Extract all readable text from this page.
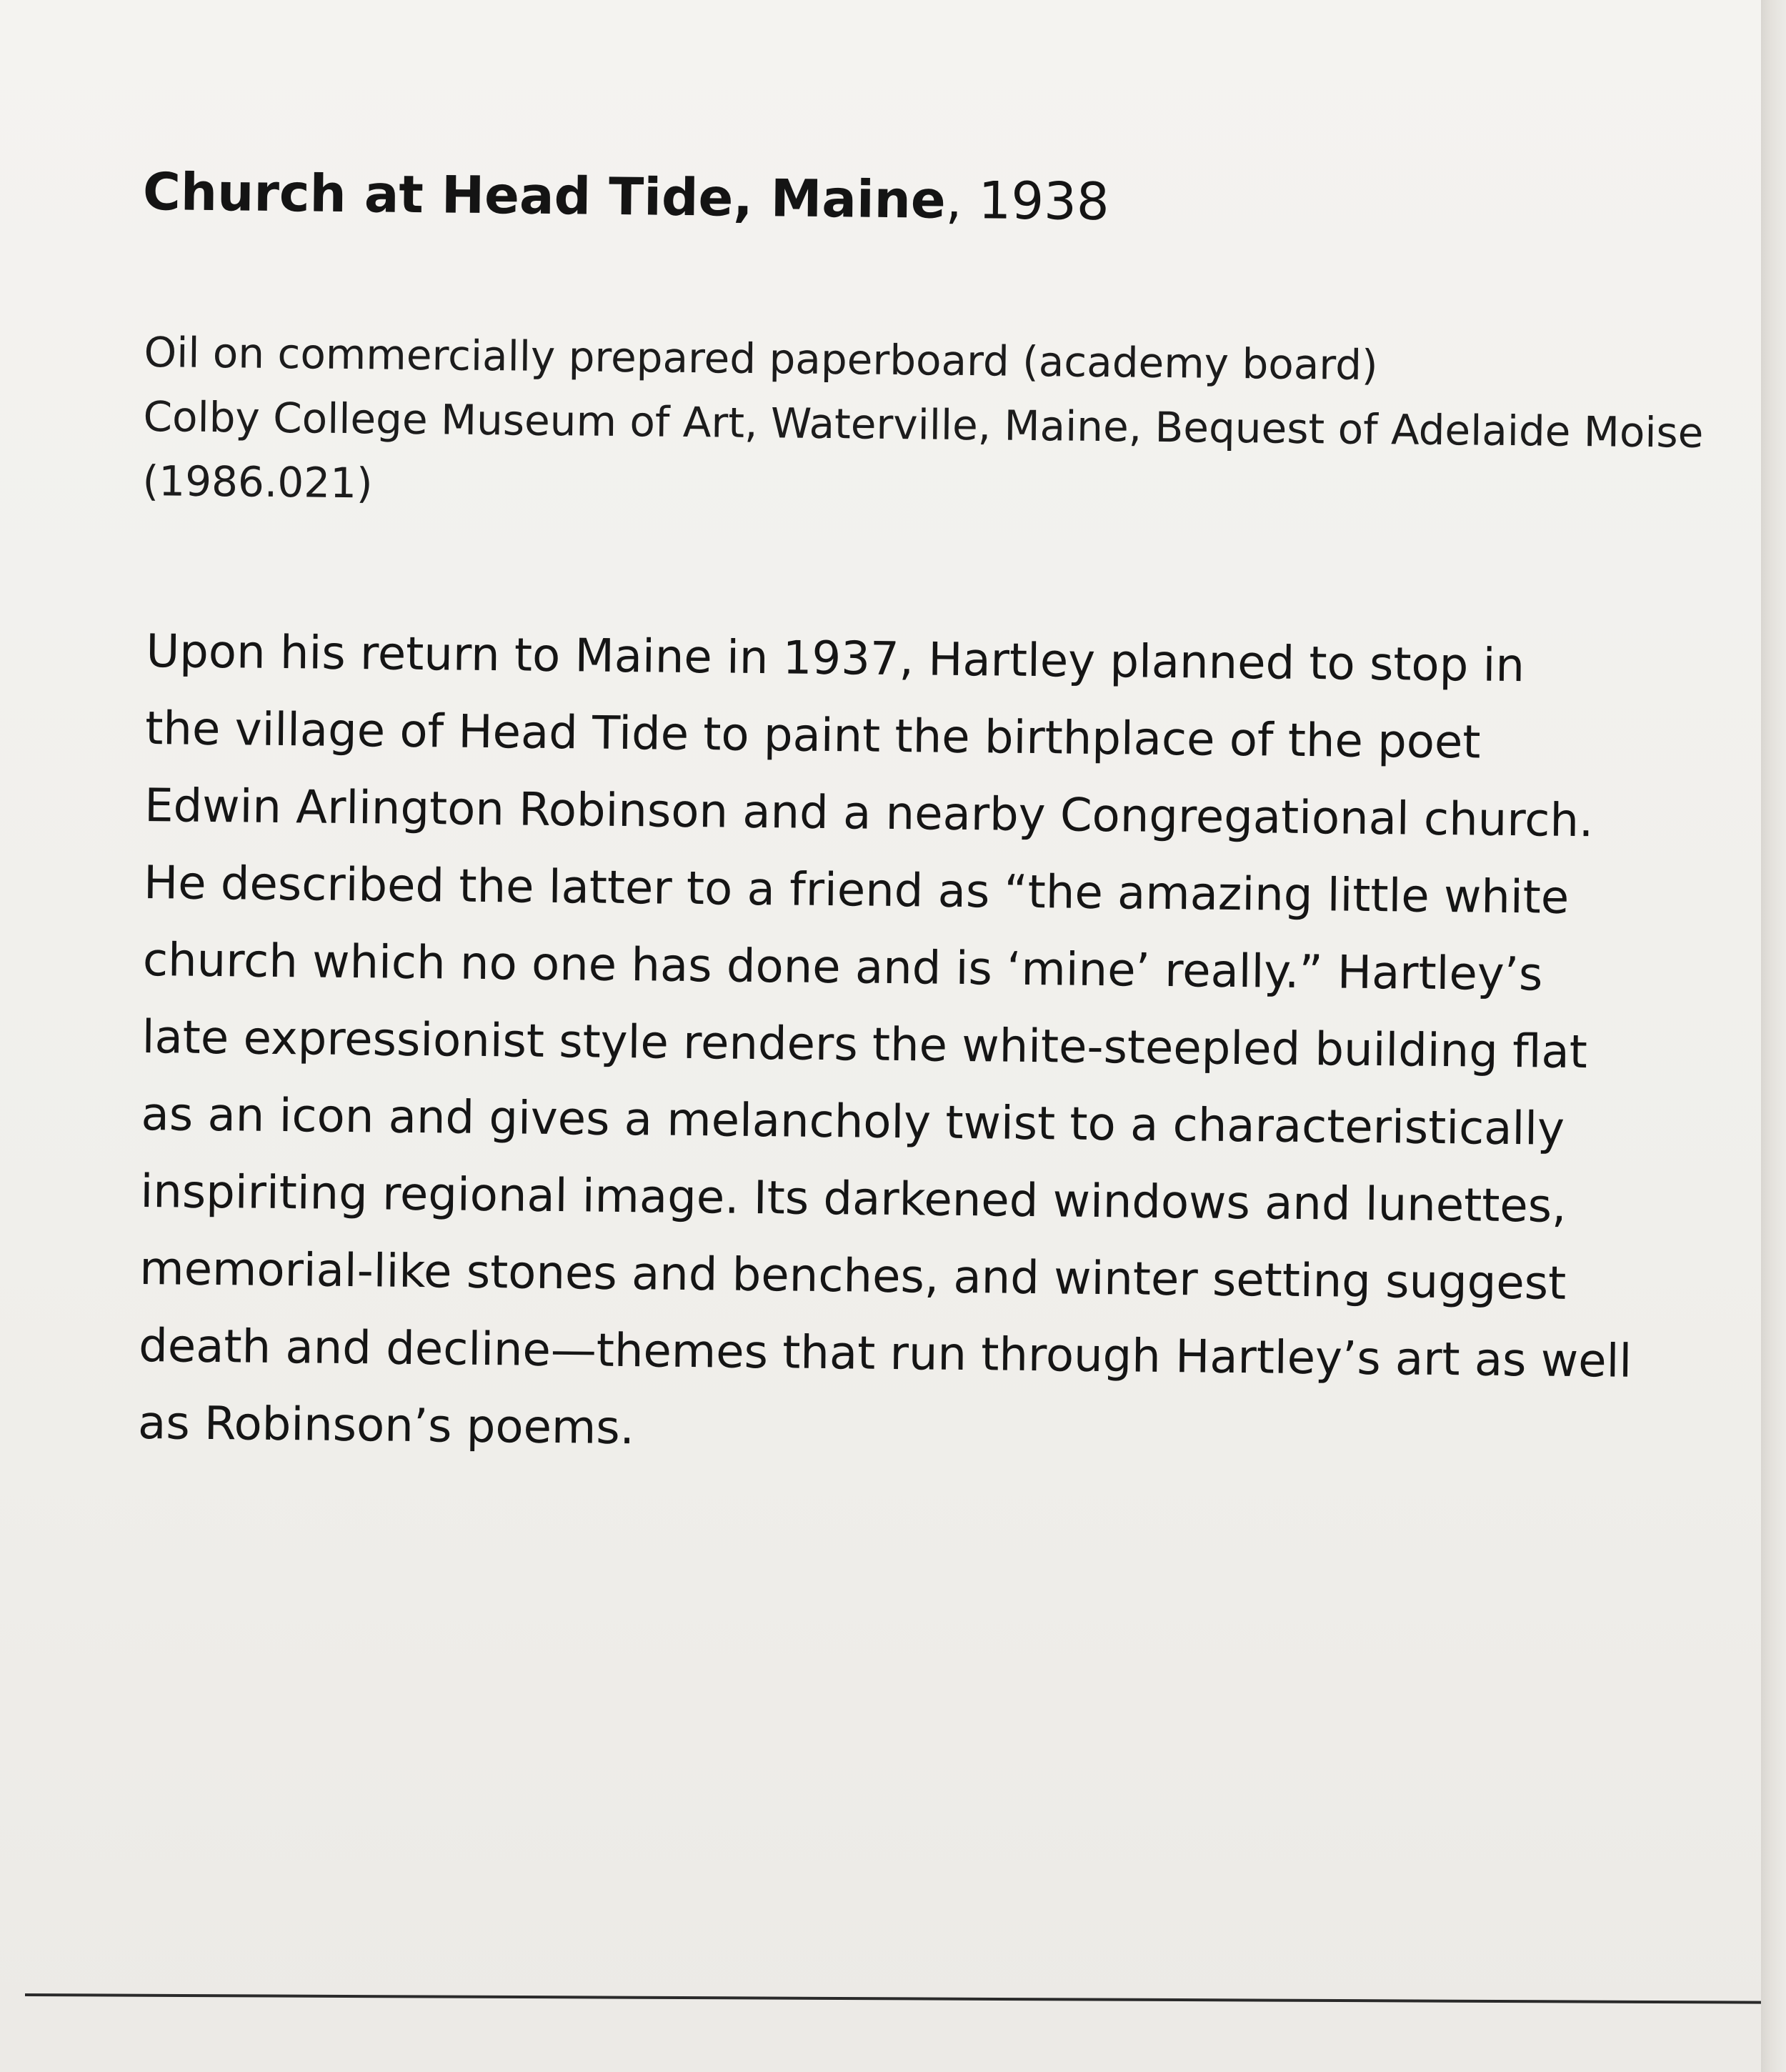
Church at Head Tide, Maine, 1938
Oil on commercially prepared paperboard (academy board)
Colby College Museum of Art, Waterville, Maine, Bequest of Adelaide Moise
(1986.021)
Upon his return to Maine in 1937, Hartley planned to stop in
the village of Head Tide to paint the birthplace of the poet
Edwin Arlington Robinson and a nearby Congregational church.
He described the latter to a friend as “the amazing little white
church which no one has done and is ‘mine’ really.” Hartley’s
late expressionist style renders the white-steepled building flat
as an icon and gives a melancholy twist to a characteristically
inspiriting regional image. Its darkened windows and lunettes,
memorial-like stones and benches, and winter setting suggest
death and decline—themes that run through Hartley’s art as well
as Robinson’s poems.
